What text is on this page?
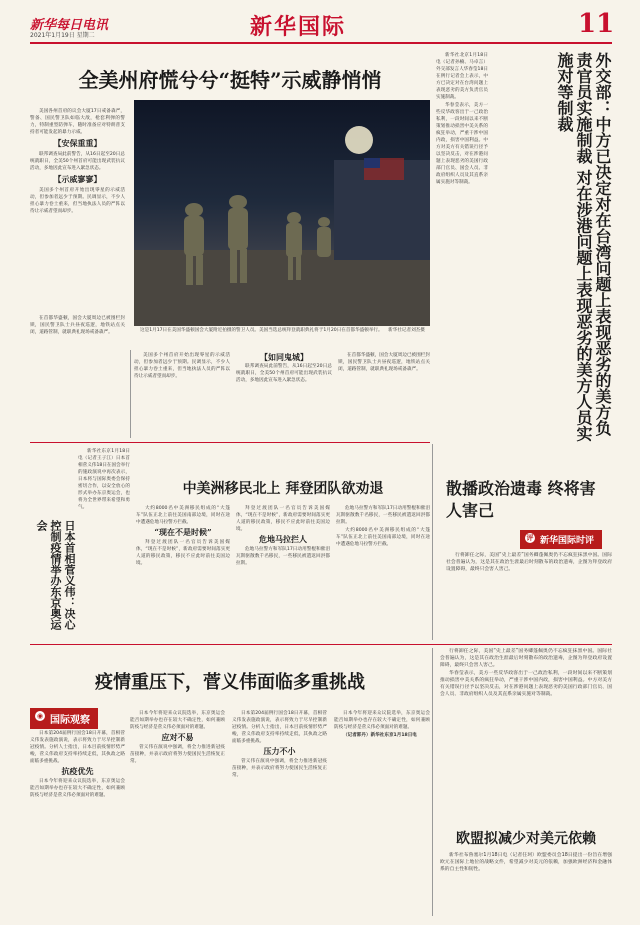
新华每日电讯
2021年1月19日 星期二	新华国际	11
全美州府慌兮兮“挺特”示威静悄悄

美国各州首府的议会大厦17日戒备森严，警备、国民警卫队如临大敌，枪套利弹的警力，特制重型防弹车，随时准备应对特朗普支持者可能发起的暴力示威。

【安保重重】

联邦调查局此前警告，从16日起至20日总统就职日，全美50个州首府可能出现武装抗议活动，多地因此宣布进入紧急状态。

【示威寥寥】

美国多个州首府开始出现零星的示威活动，但参加者远少于预期。民调显示，不少人担心暴力卷土重来，但当地执法人员的严阵以待让示威者望而却步。

这是1月17日在美国华盛顿国会大厦附近拍摄的警卫人员。美国当选总统拜登就职典礼将于1月20日在首都华盛顿举行。 新华社记者刘杰摄

在首都华盛顿，国会大厦周边已被围栏封锁，国民警卫队士兵昼夜巡逻，地铁站点关闭，道路管制，就职典礼现场戒备森严。

美国多个州首府开始出现零星的示威活动，但参加者远少于预期。民调显示，不少人担心暴力卷土重来，但当地执法人员的严阵以待让示威者望而却步。

【如同鬼城】

联邦调查局此前警告，从16日起至20日总统就职日，全美50个州首府可能出现武装抗议活动，多地因此宣布进入紧急状态。

在首都华盛顿，国会大厦周边已被围栏封锁，国民警卫队士兵昼夜巡逻，地铁站点关闭，道路管制，就职典礼现场戒备森严。

新华社北京1月18日电（记者孙楠、马卓言）外交部发言人华春莹18日在例行记者会上表示，中方已决定对在台湾问题上表现恶劣的美方负责官员实施制裁。

华春莹表示，美方一些反华政客出于一己政治私利，一段时间以来不断策划推动损害中美关系的疯狂举动，严重干涉中国内政，损害中国利益。中方对美方有关错误行径予以坚决反击，对在涉港问题上表现恶劣的美国行政部门官员、国会人员、非政府组织人员及其直系亲属实施对等制裁。	外交部：中方已决定对在台湾问题上表现恶劣的美方负责官员实施制裁 对在涉港问题上表现恶劣的美方人员实施对等制裁
日本首相菅义伟：决心控制疫情举办东京奥运会

新华社东京1月18日电（记者王子江）日本首相菅义伟18日在国会举行的施政演说中再次表示，日本将与国际奥委会保持密切合作，以安全放心的形式举办东京奥运会，也将为全世界带来希望和勇气。

中美洲移民北上 拜登团队欲劝退

大约8000名中美洲移民组成的“大篷车”队伍正北上前往美国南部边境，同时在途中遭遇危地马拉警方拦截。

“现在不是时候”

拜登过渡团队一名官员告诉美国媒体，“现在不是时候”，新政府需要时间落实更人道的移民政策，移民不应此时前往美国边境。

拜登过渡团队一名官员告诉美国媒体，“现在不是时候”，新政府需要时间落实更人道的移民政策，移民不应此时前往美国边境。

危地马拉拦人

危地马拉警方和军队17日动用警棍和催泪瓦斯驱散数千名移民，一些移民被遣返回洪都拉斯。

危地马拉警方和军队17日动用警棍和催泪瓦斯驱散数千名移民，一些移民被遣返回洪都拉斯。

大约8000名中美洲移民组成的“大篷车”队伍正北上前往美国南部边境，同时在途中遭遇危地马拉警方拦截。

散播政治遗毒 终将害人害己
评 新华国际时评

行将卸任之际，美国“史上最差”国务卿蓬佩奥仍不忘疯狂抹黑中国。国际社会普遍认为，这是其在政治生涯最后时刻散布的政治遗毒，企图为拜登政府设置障碍，最终只会害人害己。

疫情重压下，菅义伟面临多重挑战
◉ 国际观察

日本第204届例行国会18日开幕，首相菅义伟发表施政演说，表示将致力于尽早控制新冠疫情。分析人士指出，日本目前疫情形势严峻，菅义伟政府支持率持续走低，其执政之路面临多重挑战。

抗疫优先

日本今年将迎来众议院选举，东京奥运会能否如期举办也存在较大不确定性，如何兼顾防疫与经济是菅义伟必须面对的难题。

日本今年将迎来众议院选举，东京奥运会能否如期举办也存在较大不确定性，如何兼顾防疫与经济是菅义伟必须面对的难题。

应对不易

菅义伟在演说中强调，将全力推进新冠疫苗接种，并表示政府将努力使国民生活恢复正常。

日本第204届例行国会18日开幕，首相菅义伟发表施政演说，表示将致力于尽早控制新冠疫情。分析人士指出，日本目前疫情形势严峻，菅义伟政府支持率持续走低，其执政之路面临多重挑战。

压力不小

菅义伟在演说中强调，将全力推进新冠疫苗接种，并表示政府将努力使国民生活恢复正常。

日本今年将迎来众议院选举，东京奥运会能否如期举办也存在较大不确定性，如何兼顾防疫与经济是菅义伟必须面对的难题。

（记者郭丹）新华社东京1月18日电

欧盟拟减少对美元依赖

新华社布鲁塞尔1月18日电（记者任珂）欧盟委员会18日提出一份旨在增强欧元在国际上地位的战略文件，希望减少对美元的依赖，加强欧洲经济和金融体系的自主性和韧性。

行将卸任之际，美国“史上最差”国务卿蓬佩奥仍不忘疯狂抹黑中国。国际社会普遍认为，这是其在政治生涯最后时刻散布的政治遗毒，企图为拜登政府设置障碍，最终只会害人害己。

华春莹表示，美方一些反华政客出于一己政治私利，一段时间以来不断策划推动损害中美关系的疯狂举动，严重干涉中国内政，损害中国利益。中方对美方有关错误行径予以坚决反击，对在涉港问题上表现恶劣的美国行政部门官员、国会人员、非政府组织人员及其直系亲属实施对等制裁。
